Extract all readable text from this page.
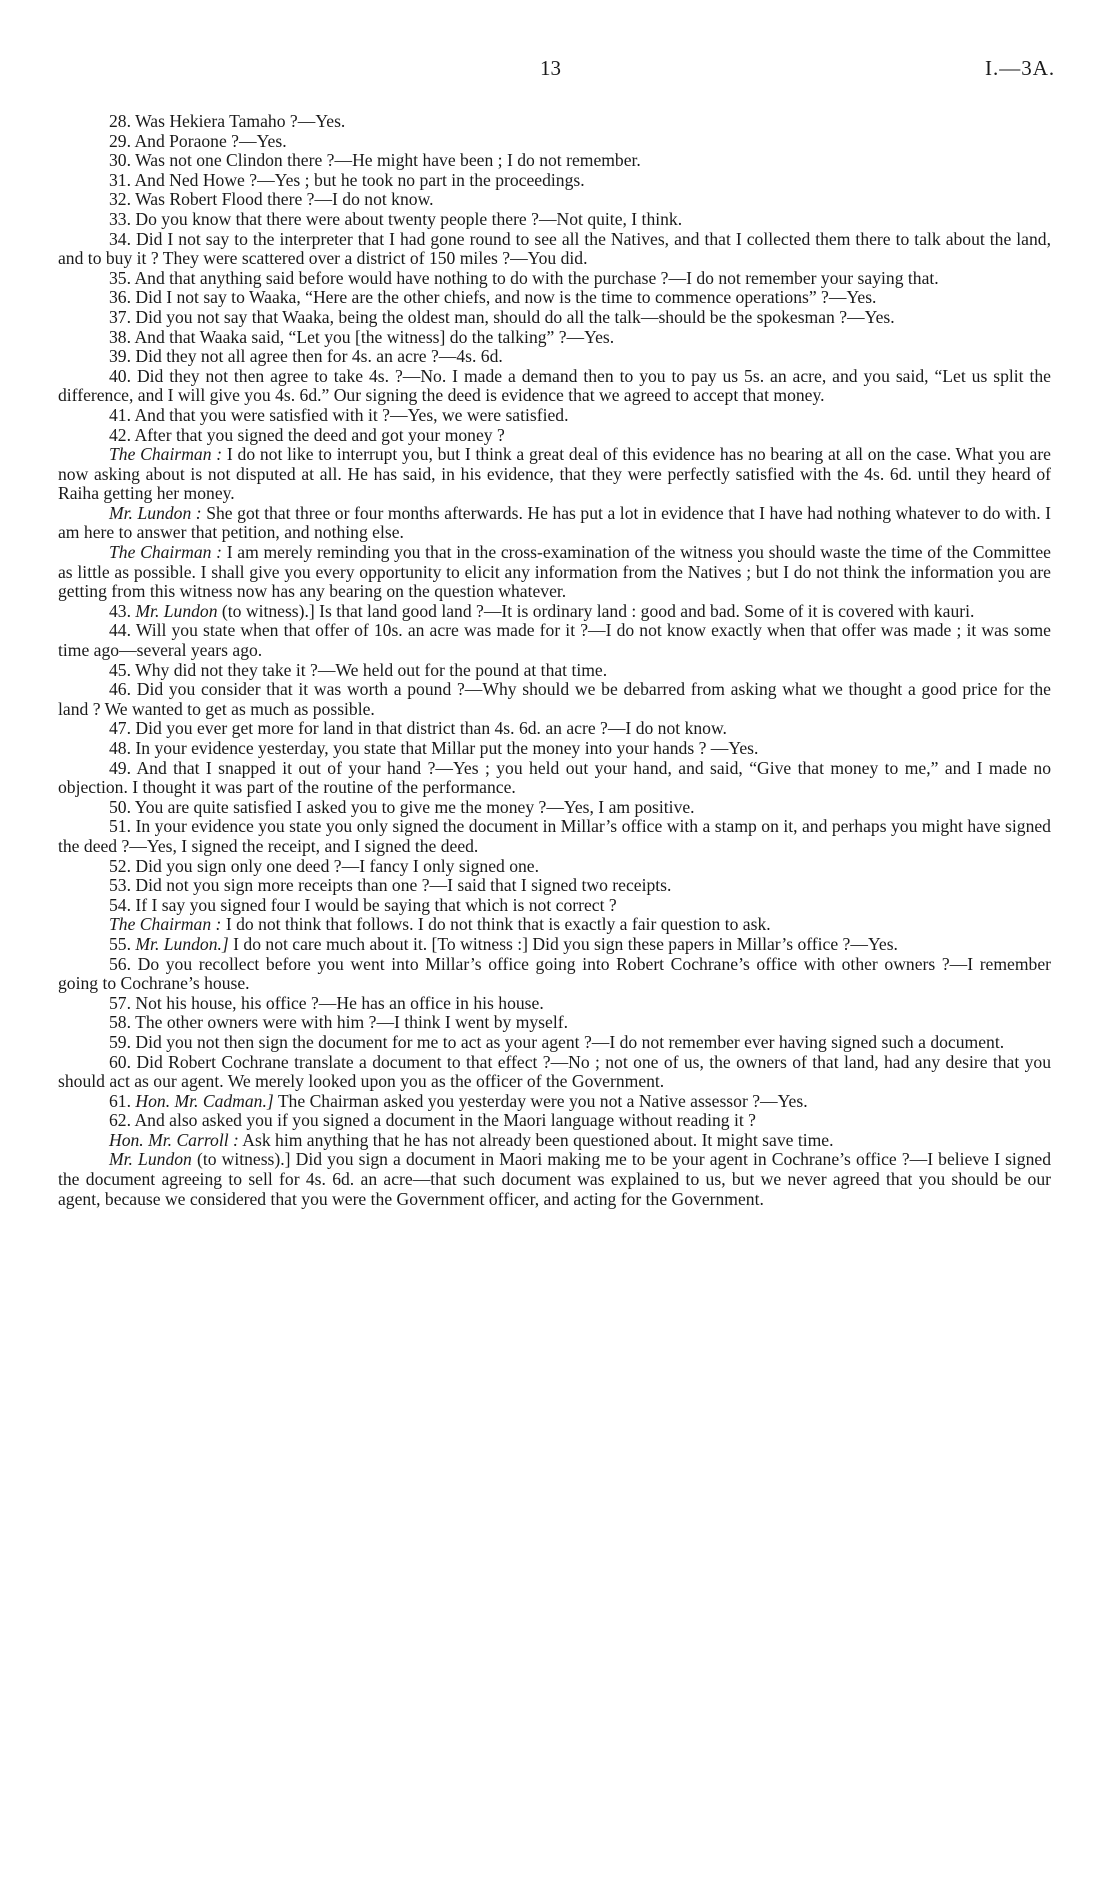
13	I.—3A.

28. Was Hekiera Tamaho ?—Yes.

29. And Poraone ?—Yes.

30. Was not one Clindon there ?—He might have been ; I do not remember.

31. And Ned Howe ?—Yes ; but he took no part in the proceedings.

32. Was Robert Flood there ?—I do not know.

33. Do you know that there were about twenty people there ?—Not quite, I think.

34. Did I not say to the interpreter that I had gone round to see all the Natives, and that I collected them there to talk about the land, and to buy it ? They were scattered over a district of 150 miles ?—You did.

35. And that anything said before would have nothing to do with the purchase ?—I do not remember your saying that.

36. Did I not say to Waaka, “Here are the other chiefs, and now is the time to commence operations” ?—Yes.

37. Did you not say that Waaka, being the oldest man, should do all the talk—should be the spokesman ?—Yes.

38. And that Waaka said, “Let you [the witness] do the talking” ?—Yes.

39. Did they not all agree then for 4s. an acre ?—4s. 6d.

40. Did they not then agree to take 4s. ?—No. I made a demand then to you to pay us 5s. an acre, and you said, “Let us split the difference, and I will give you 4s. 6d.” Our signing the deed is evidence that we agreed to accept that money.

41. And that you were satisfied with it ?—Yes, we were satisfied.

42. After that you signed the deed and got your money ?

The Chairman : I do not like to interrupt you, but I think a great deal of this evidence has no bearing at all on the case. What you are now asking about is not disputed at all. He has said, in his evidence, that they were perfectly satisfied with the 4s. 6d. until they heard of Raiha getting her money.

Mr. Lundon : She got that three or four months afterwards. He has put a lot in evidence that I have had nothing whatever to do with. I am here to answer that petition, and nothing else.

The Chairman : I am merely reminding you that in the cross-examination of the witness you should waste the time of the Committee as little as possible. I shall give you every opportunity to elicit any information from the Natives ; but I do not think the information you are getting from this witness now has any bearing on the question whatever.

43. Mr. Lundon (to witness).] Is that land good land ?—It is ordinary land : good and bad. Some of it is covered with kauri.

44. Will you state when that offer of 10s. an acre was made for it ?—I do not know exactly when that offer was made ; it was some time ago—several years ago.

45. Why did not they take it ?—We held out for the pound at that time.

46. Did you consider that it was worth a pound ?—Why should we be debarred from asking what we thought a good price for the land ? We wanted to get as much as possible.

47. Did you ever get more for land in that district than 4s. 6d. an acre ?—I do not know.

48. In your evidence yesterday, you state that Millar put the money into your hands ? —Yes.

49. And that I snapped it out of your hand ?—Yes ; you held out your hand, and said, “Give that money to me,” and I made no objection. I thought it was part of the routine of the performance.

50. You are quite satisfied I asked you to give me the money ?—Yes, I am positive.

51. In your evidence you state you only signed the document in Millar’s office with a stamp on it, and perhaps you might have signed the deed ?—Yes, I signed the receipt, and I signed the deed.

52. Did you sign only one deed ?—I fancy I only signed one.

53. Did not you sign more receipts than one ?—I said that I signed two receipts.

54. If I say you signed four I would be saying that which is not correct ?

The Chairman : I do not think that follows. I do not think that is exactly a fair question to ask.

55. Mr. Lundon.] I do not care much about it. [To witness :] Did you sign these papers in Millar’s office ?—Yes.

56. Do you recollect before you went into Millar’s office going into Robert Cochrane’s office with other owners ?—I remember going to Cochrane’s house.

57. Not his house, his office ?—He has an office in his house.

58. The other owners were with him ?—I think I went by myself.

59. Did you not then sign the document for me to act as your agent ?—I do not remember ever having signed such a document.

60. Did Robert Cochrane translate a document to that effect ?—No ; not one of us, the owners of that land, had any desire that you should act as our agent. We merely looked upon you as the officer of the Government.

61. Hon. Mr. Cadman.] The Chairman asked you yesterday were you not a Native assessor ?—Yes.

62. And also asked you if you signed a document in the Maori language without reading it ?

Hon. Mr. Carroll : Ask him anything that he has not already been questioned about. It might save time.

Mr. Lundon (to witness).] Did you sign a document in Maori making me to be your agent in Cochrane’s office ?—I believe I signed the document agreeing to sell for 4s. 6d. an acre—that such document was explained to us, but we never agreed that you should be our agent, because we considered that you were the Government officer, and acting for the Government.
